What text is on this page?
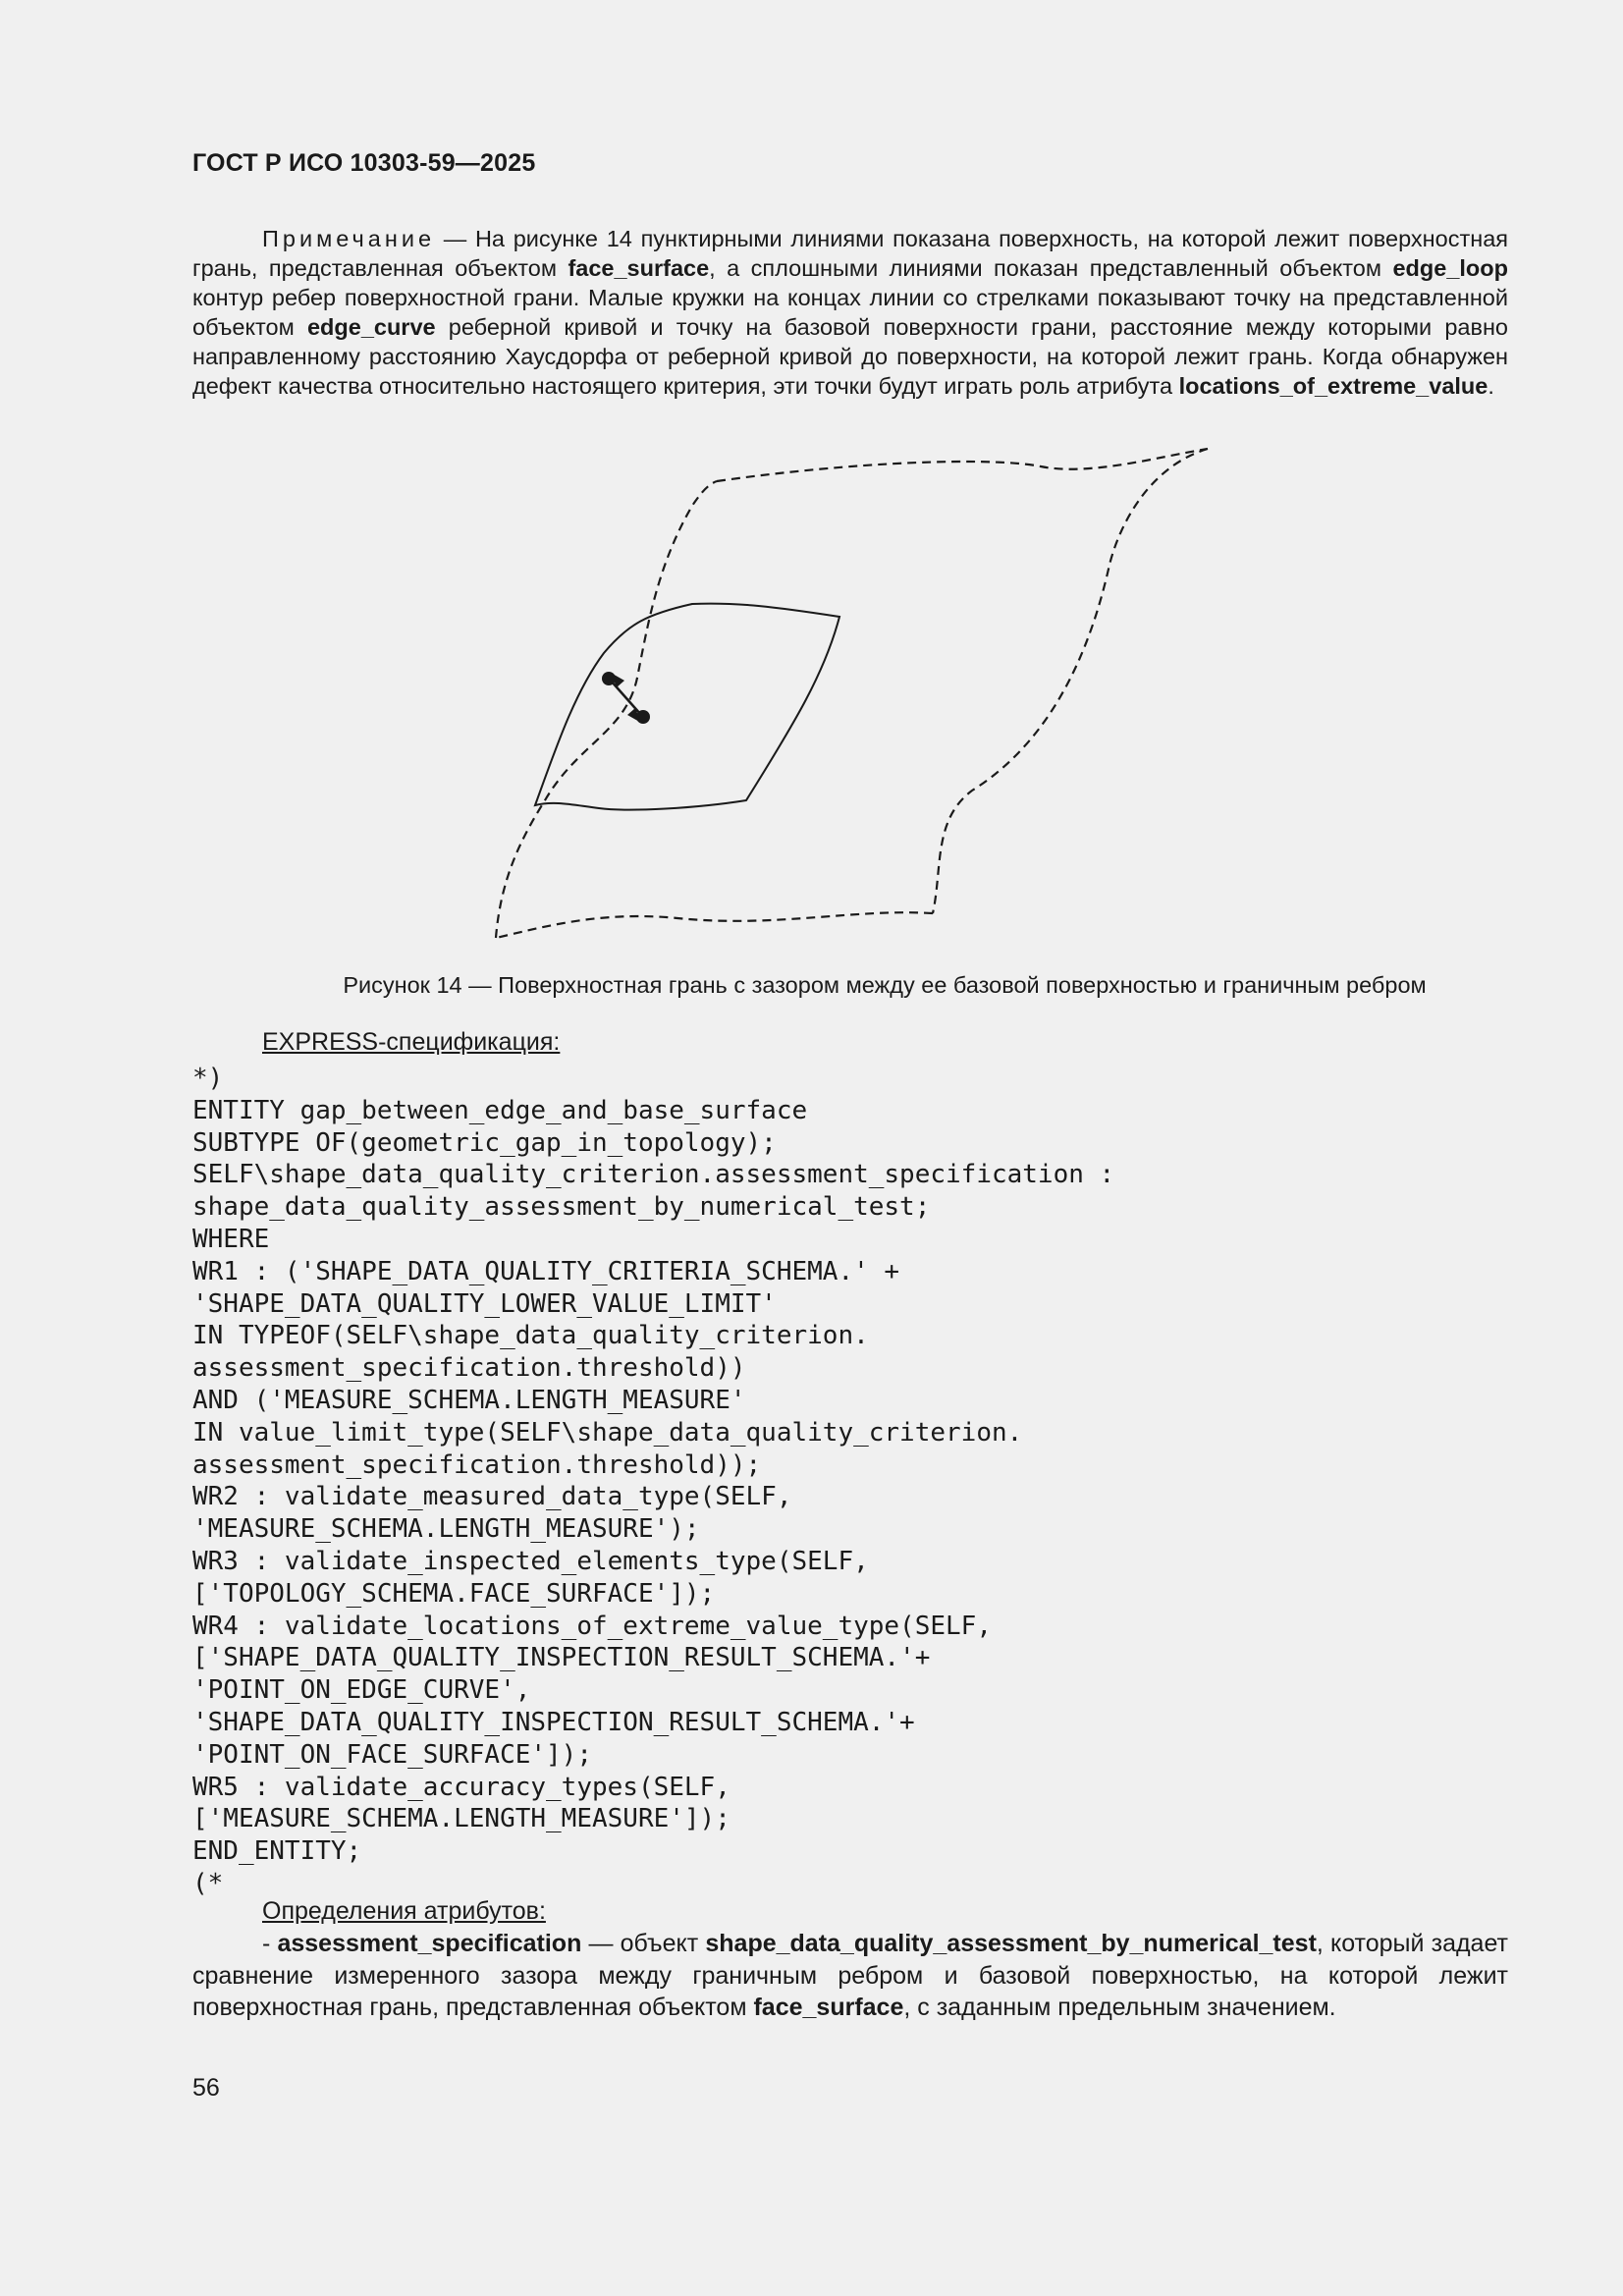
ГОСТ Р ИСО 10303-59—2025

Примечание — На рисунке 14 пунктирными линиями показана поверхность, на которой лежит поверхностная грань, представленная объектом face_surface, а сплошными линиями показан представленный объектом edge_loop контур ребер поверхностной грани. Малые кружки на концах линии со стрелками показывают точку на представленной объектом edge_curve реберной кривой и точку на базовой поверхности грани, расстояние между которыми равно направленному расстоянию Хаусдорфа от реберной кривой до поверхности, на которой лежит грань. Когда обнаружен дефект качества относительно настоящего критерия, эти точки будут играть роль атрибута locations_of_extreme_value.

Рисунок 14 — Поверхностная грань с зазором между ее базовой поверхностью и граничным ребром
EXPRESS-спецификация:
*)
ENTITY gap_between_edge_and_base_surface
SUBTYPE OF(geometric_gap_in_topology);
SELF\shape_data_quality_criterion.assessment_specification :
shape_data_quality_assessment_by_numerical_test;
WHERE
WR1 : ('SHAPE_DATA_QUALITY_CRITERIA_SCHEMA.' +
'SHAPE_DATA_QUALITY_LOWER_VALUE_LIMIT'
IN TYPEOF(SELF\shape_data_quality_criterion.
assessment_specification.threshold))
AND ('MEASURE_SCHEMA.LENGTH_MEASURE'
IN value_limit_type(SELF\shape_data_quality_criterion.
assessment_specification.threshold));
WR2 : validate_measured_data_type(SELF,
'MEASURE_SCHEMA.LENGTH_MEASURE');
WR3 : validate_inspected_elements_type(SELF,
['TOPOLOGY_SCHEMA.FACE_SURFACE']);
WR4 : validate_locations_of_extreme_value_type(SELF,
['SHAPE_DATA_QUALITY_INSPECTION_RESULT_SCHEMA.'+
'POINT_ON_EDGE_CURVE',
'SHAPE_DATA_QUALITY_INSPECTION_RESULT_SCHEMA.'+
'POINT_ON_FACE_SURFACE']);
WR5 : validate_accuracy_types(SELF,
['MEASURE_SCHEMA.LENGTH_MEASURE']);
END_ENTITY;
(*
Определения атрибутов:

- assessment_specification — объект shape_data_quality_assessment_by_numerical_test, который задает сравнение измеренного зазора между граничным ребром и базовой поверхностью, на которой лежит поверхностная грань, представленная объектом face_surface, с заданным предельным значением.

56
